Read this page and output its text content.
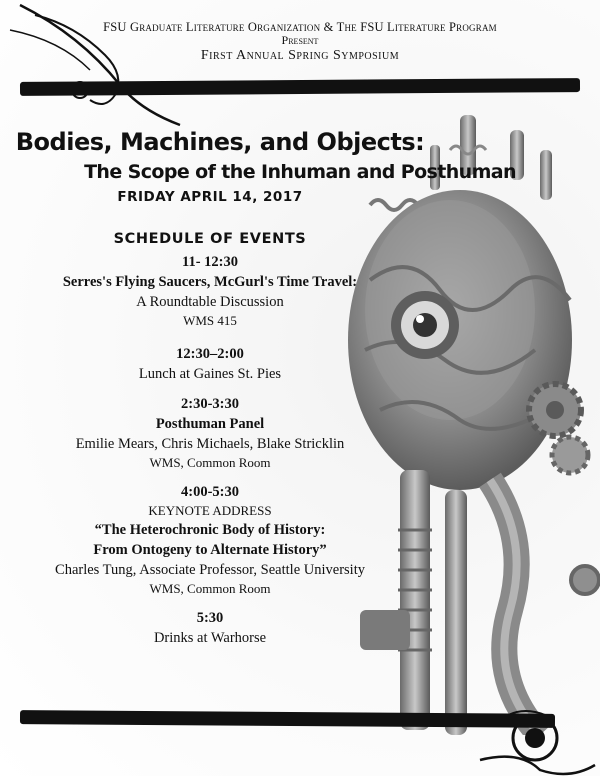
FSU Graduate Literature Organization & The FSU Literature Program
Present
First Annual Spring Symposium
Bodies, Machines, and Objects:
The Scope of the Inhuman and Posthuman
FRIDAY APRIL 14, 2017
SCHEDULE OF EVENTS
11- 12:30
Serres's Flying Saucers, McGurl's Time Travel:
A Roundtable Discussion
WMS 415
12:30–2:00
Lunch at Gaines St. Pies
2:30-3:30
Posthuman Panel
Emilie Mears, Chris Michaels, Blake Stricklin
WMS, Common Room
4:00-5:30
KEYNOTE ADDRESS
“The Heterochronic Body of History:
From Ontogeny to Alternate History”
Charles Tung, Associate Professor, Seattle University
WMS, Common Room
5:30
Drinks at Warhorse
